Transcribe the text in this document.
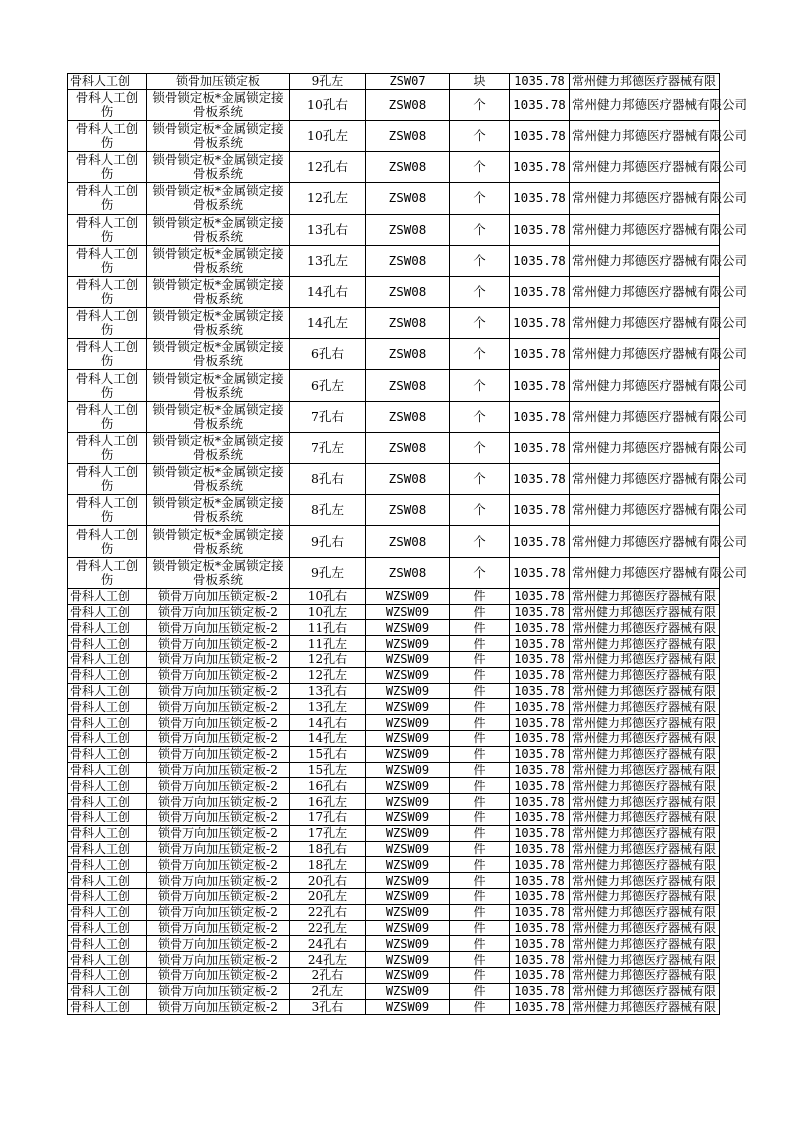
骨科人工创	锁骨加压锁定板	9孔左	ZSW07	块	1035.78	常州健力邦德医疗器械有限
骨科人工创伤	锁骨锁定板*金属锁定接骨板系统	10孔右	ZSW08	个	1035.78	常州健力邦德医疗器械有限公司
骨科人工创伤	锁骨锁定板*金属锁定接骨板系统	10孔左	ZSW08	个	1035.78	常州健力邦德医疗器械有限公司
骨科人工创伤	锁骨锁定板*金属锁定接骨板系统	12孔右	ZSW08	个	1035.78	常州健力邦德医疗器械有限公司
骨科人工创伤	锁骨锁定板*金属锁定接骨板系统	12孔左	ZSW08	个	1035.78	常州健力邦德医疗器械有限公司
骨科人工创伤	锁骨锁定板*金属锁定接骨板系统	13孔右	ZSW08	个	1035.78	常州健力邦德医疗器械有限公司
骨科人工创伤	锁骨锁定板*金属锁定接骨板系统	13孔左	ZSW08	个	1035.78	常州健力邦德医疗器械有限公司
骨科人工创伤	锁骨锁定板*金属锁定接骨板系统	14孔右	ZSW08	个	1035.78	常州健力邦德医疗器械有限公司
骨科人工创伤	锁骨锁定板*金属锁定接骨板系统	14孔左	ZSW08	个	1035.78	常州健力邦德医疗器械有限公司
骨科人工创伤	锁骨锁定板*金属锁定接骨板系统	6孔右	ZSW08	个	1035.78	常州健力邦德医疗器械有限公司
骨科人工创伤	锁骨锁定板*金属锁定接骨板系统	6孔左	ZSW08	个	1035.78	常州健力邦德医疗器械有限公司
骨科人工创伤	锁骨锁定板*金属锁定接骨板系统	7孔右	ZSW08	个	1035.78	常州健力邦德医疗器械有限公司
骨科人工创伤	锁骨锁定板*金属锁定接骨板系统	7孔左	ZSW08	个	1035.78	常州健力邦德医疗器械有限公司
骨科人工创伤	锁骨锁定板*金属锁定接骨板系统	8孔右	ZSW08	个	1035.78	常州健力邦德医疗器械有限公司
骨科人工创伤	锁骨锁定板*金属锁定接骨板系统	8孔左	ZSW08	个	1035.78	常州健力邦德医疗器械有限公司
骨科人工创伤	锁骨锁定板*金属锁定接骨板系统	9孔右	ZSW08	个	1035.78	常州健力邦德医疗器械有限公司
骨科人工创伤	锁骨锁定板*金属锁定接骨板系统	9孔左	ZSW08	个	1035.78	常州健力邦德医疗器械有限公司
骨科人工创	锁骨万向加压锁定板-2	10孔右	WZSW09	件	1035.78	常州健力邦德医疗器械有限
骨科人工创	锁骨万向加压锁定板-2	10孔左	WZSW09	件	1035.78	常州健力邦德医疗器械有限
骨科人工创	锁骨万向加压锁定板-2	11孔右	WZSW09	件	1035.78	常州健力邦德医疗器械有限
骨科人工创	锁骨万向加压锁定板-2	11孔左	WZSW09	件	1035.78	常州健力邦德医疗器械有限
骨科人工创	锁骨万向加压锁定板-2	12孔右	WZSW09	件	1035.78	常州健力邦德医疗器械有限
骨科人工创	锁骨万向加压锁定板-2	12孔左	WZSW09	件	1035.78	常州健力邦德医疗器械有限
骨科人工创	锁骨万向加压锁定板-2	13孔右	WZSW09	件	1035.78	常州健力邦德医疗器械有限
骨科人工创	锁骨万向加压锁定板-2	13孔左	WZSW09	件	1035.78	常州健力邦德医疗器械有限
骨科人工创	锁骨万向加压锁定板-2	14孔右	WZSW09	件	1035.78	常州健力邦德医疗器械有限
骨科人工创	锁骨万向加压锁定板-2	14孔左	WZSW09	件	1035.78	常州健力邦德医疗器械有限
骨科人工创	锁骨万向加压锁定板-2	15孔右	WZSW09	件	1035.78	常州健力邦德医疗器械有限
骨科人工创	锁骨万向加压锁定板-2	15孔左	WZSW09	件	1035.78	常州健力邦德医疗器械有限
骨科人工创	锁骨万向加压锁定板-2	16孔右	WZSW09	件	1035.78	常州健力邦德医疗器械有限
骨科人工创	锁骨万向加压锁定板-2	16孔左	WZSW09	件	1035.78	常州健力邦德医疗器械有限
骨科人工创	锁骨万向加压锁定板-2	17孔右	WZSW09	件	1035.78	常州健力邦德医疗器械有限
骨科人工创	锁骨万向加压锁定板-2	17孔左	WZSW09	件	1035.78	常州健力邦德医疗器械有限
骨科人工创	锁骨万向加压锁定板-2	18孔右	WZSW09	件	1035.78	常州健力邦德医疗器械有限
骨科人工创	锁骨万向加压锁定板-2	18孔左	WZSW09	件	1035.78	常州健力邦德医疗器械有限
骨科人工创	锁骨万向加压锁定板-2	20孔右	WZSW09	件	1035.78	常州健力邦德医疗器械有限
骨科人工创	锁骨万向加压锁定板-2	20孔左	WZSW09	件	1035.78	常州健力邦德医疗器械有限
骨科人工创	锁骨万向加压锁定板-2	22孔右	WZSW09	件	1035.78	常州健力邦德医疗器械有限
骨科人工创	锁骨万向加压锁定板-2	22孔左	WZSW09	件	1035.78	常州健力邦德医疗器械有限
骨科人工创	锁骨万向加压锁定板-2	24孔右	WZSW09	件	1035.78	常州健力邦德医疗器械有限
骨科人工创	锁骨万向加压锁定板-2	24孔左	WZSW09	件	1035.78	常州健力邦德医疗器械有限
骨科人工创	锁骨万向加压锁定板-2	2孔右	WZSW09	件	1035.78	常州健力邦德医疗器械有限
骨科人工创	锁骨万向加压锁定板-2	2孔左	WZSW09	件	1035.78	常州健力邦德医疗器械有限
骨科人工创	锁骨万向加压锁定板-2	3孔右	WZSW09	件	1035.78	常州健力邦德医疗器械有限
